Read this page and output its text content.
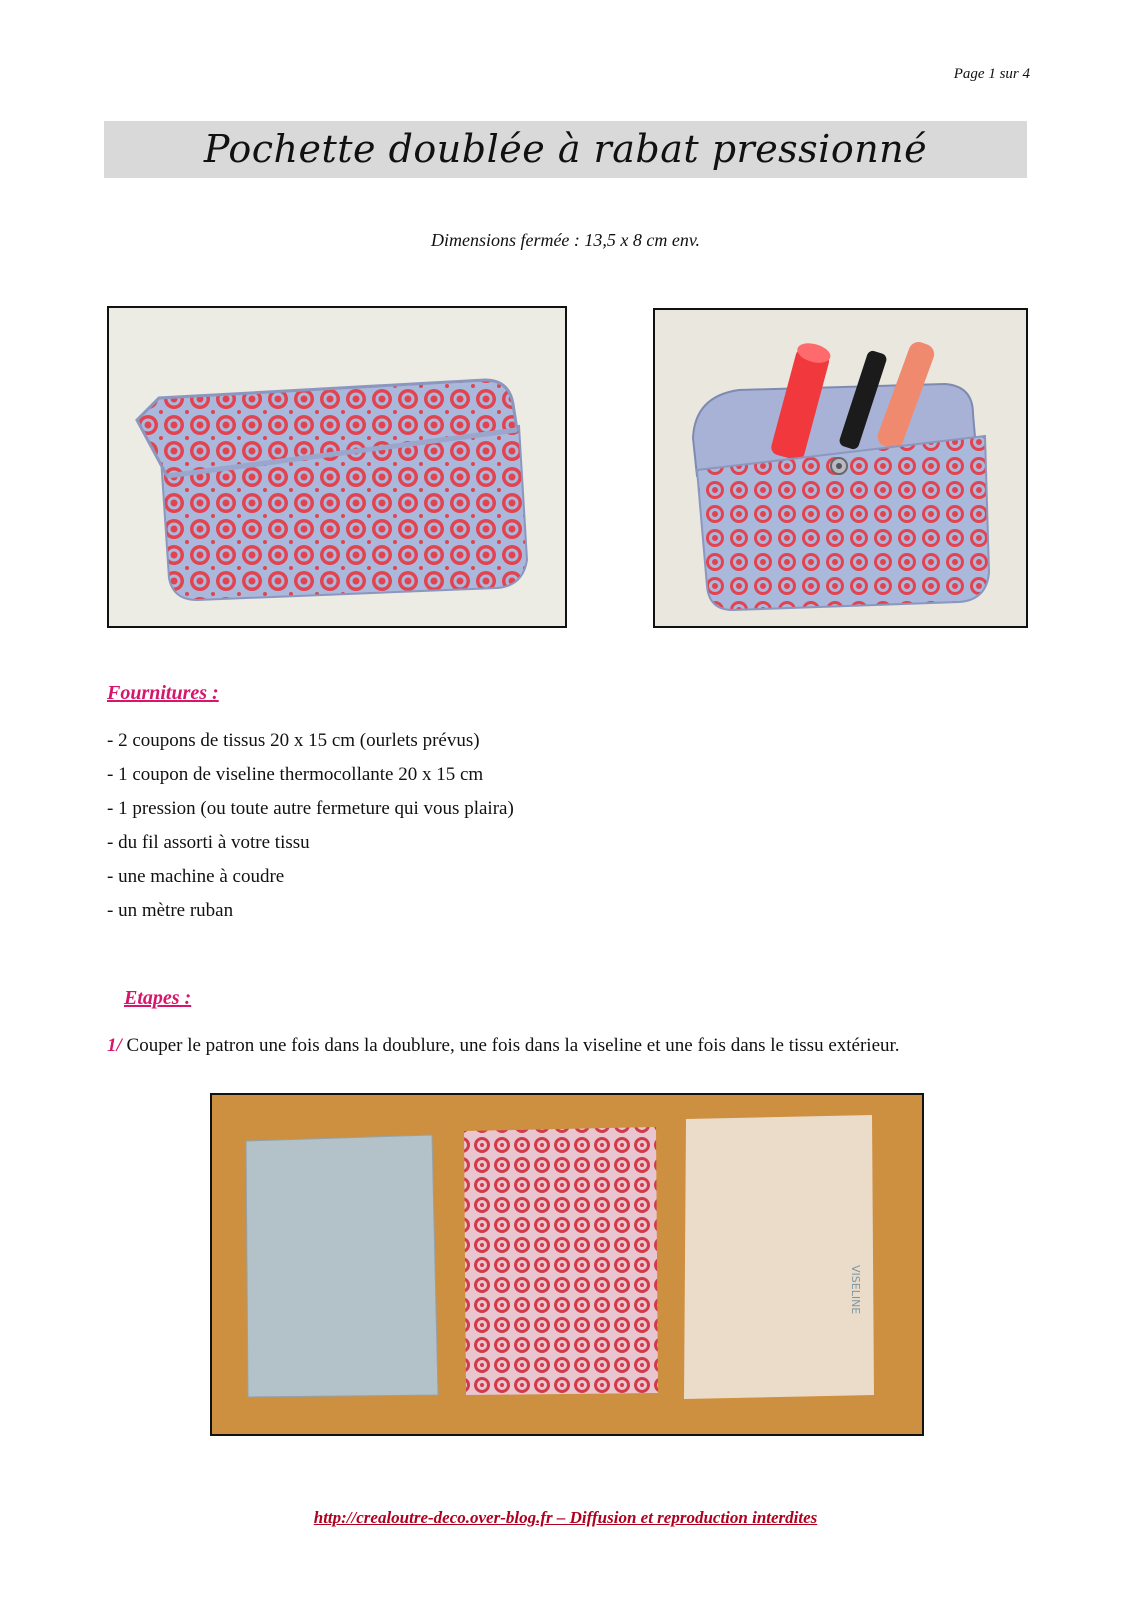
Page 1 sur 4
Pochette doublée à rabat pressionné
Dimensions fermée : 13,5 x 8 cm env.
Fournitures :
- 2 coupons de tissus 20 x 15 cm (ourlets prévus)
- 1 coupon de viseline thermocollante 20 x 15 cm
- 1 pression (ou toute autre fermeture qui vous plaira)
- du fil assorti à votre tissu
- une machine à coudre
- un mètre ruban
Etapes :
1/ Couper le patron une fois dans la doublure, une fois dans la viseline et une fois dans le tissu extérieur.
VISELINE
http://crealoutre-deco.over-blog.fr – Diffusion et reproduction interdites
